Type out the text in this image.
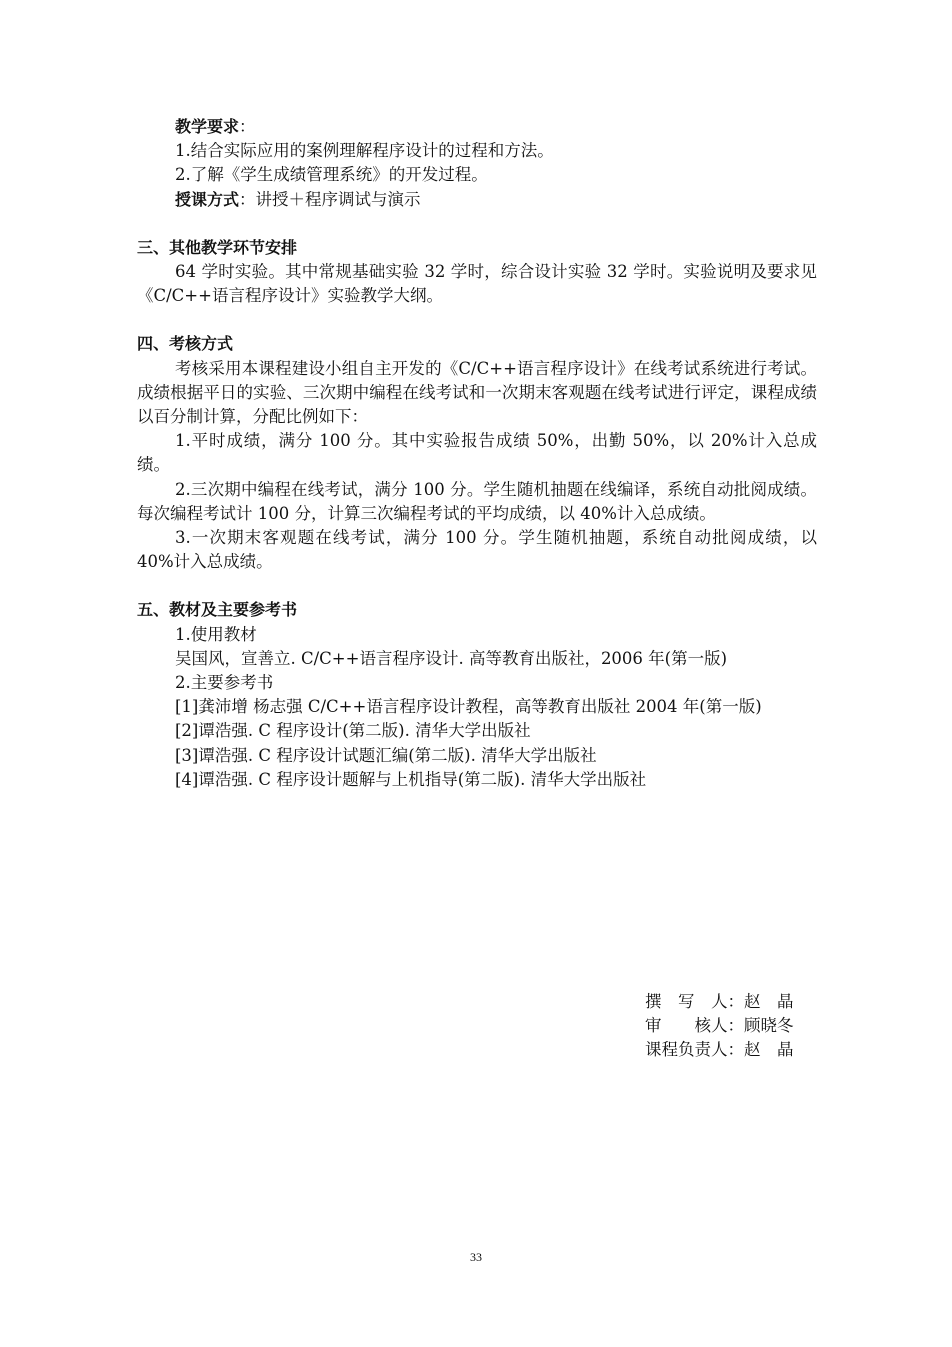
教学要求：
1.结合实际应用的案例理解程序设计的过程和方法。
2.了解《学生成绩管理系统》的开发过程。
授课方式：讲授＋程序调试与演示
三、其他教学环节安排
64 学时实验。其中常规基础实验 32 学时，综合设计实验 32 学时。实验说明及要求见《C/C++语言程序设计》实验教学大纲。
四、考核方式
考核采用本课程建设小组自主开发的《C/C++语言程序设计》在线考试系统进行考试。成绩根据平日的实验、三次期中编程在线考试和一次期末客观题在线考试进行评定，课程成绩以百分制计算，分配比例如下：
1.平时成绩，满分 100 分。其中实验报告成绩 50%，出勤 50%，以 20%计入总成绩。
2.三次期中编程在线考试，满分 100 分。学生随机抽题在线编译，系统自动批阅成绩。每次编程考试计 100 分，计算三次编程考试的平均成绩，以 40%计入总成绩。
3.一次期末客观题在线考试，满分 100 分。学生随机抽题，系统自动批阅成绩，以 40%计入总成绩。
五、教材及主要参考书
1.使用教材
吴国风，宣善立. C/C++语言程序设计. 高等教育出版社，2006 年(第一版)
2.主要参考书
[1]龚沛增 杨志强 C/C++语言程序设计教程，高等教育出版社 2004 年(第一版)
[2]谭浩强. C 程序设计(第二版). 清华大学出版社
[3]谭浩强. C 程序设计试题汇编(第二版). 清华大学出版社
[4]谭浩强. C 程序设计题解与上机指导(第二版). 清华大学出版社
撰　写　人：赵　晶
审　　核人：顾晓冬
课程负责人：赵　晶
33
